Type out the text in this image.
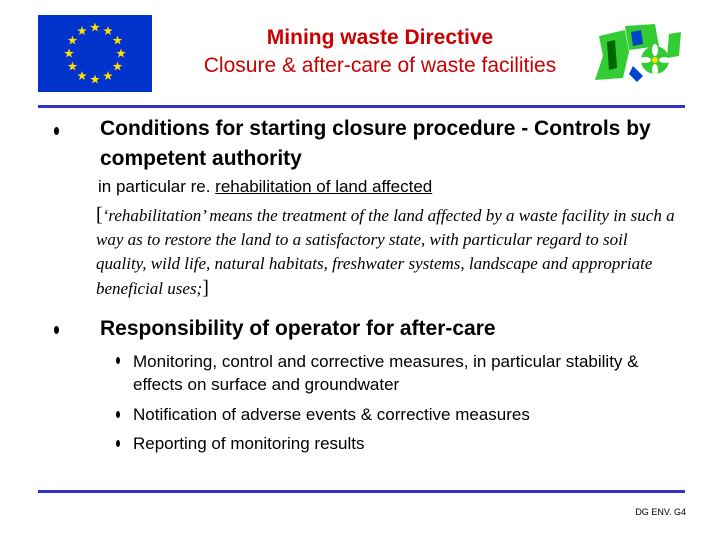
Mining waste Directive
Closure & after-care of waste facilities
Conditions for starting closure procedure - Controls by competent authority
in particular re. rehabilitation of land affected
[‘rehabilitation’ means the treatment of the land affected by a waste facility in such a way as to restore the land to a satisfactory state, with particular regard to soil quality, wild life, natural habitats, freshwater systems, landscape and appropriate beneficial uses;]
Responsibility of operator for after-care
Monitoring, control and corrective measures, in particular stability & effects on surface and groundwater
Notification of adverse events & corrective measures
Reporting of monitoring results
DG ENV. G4
